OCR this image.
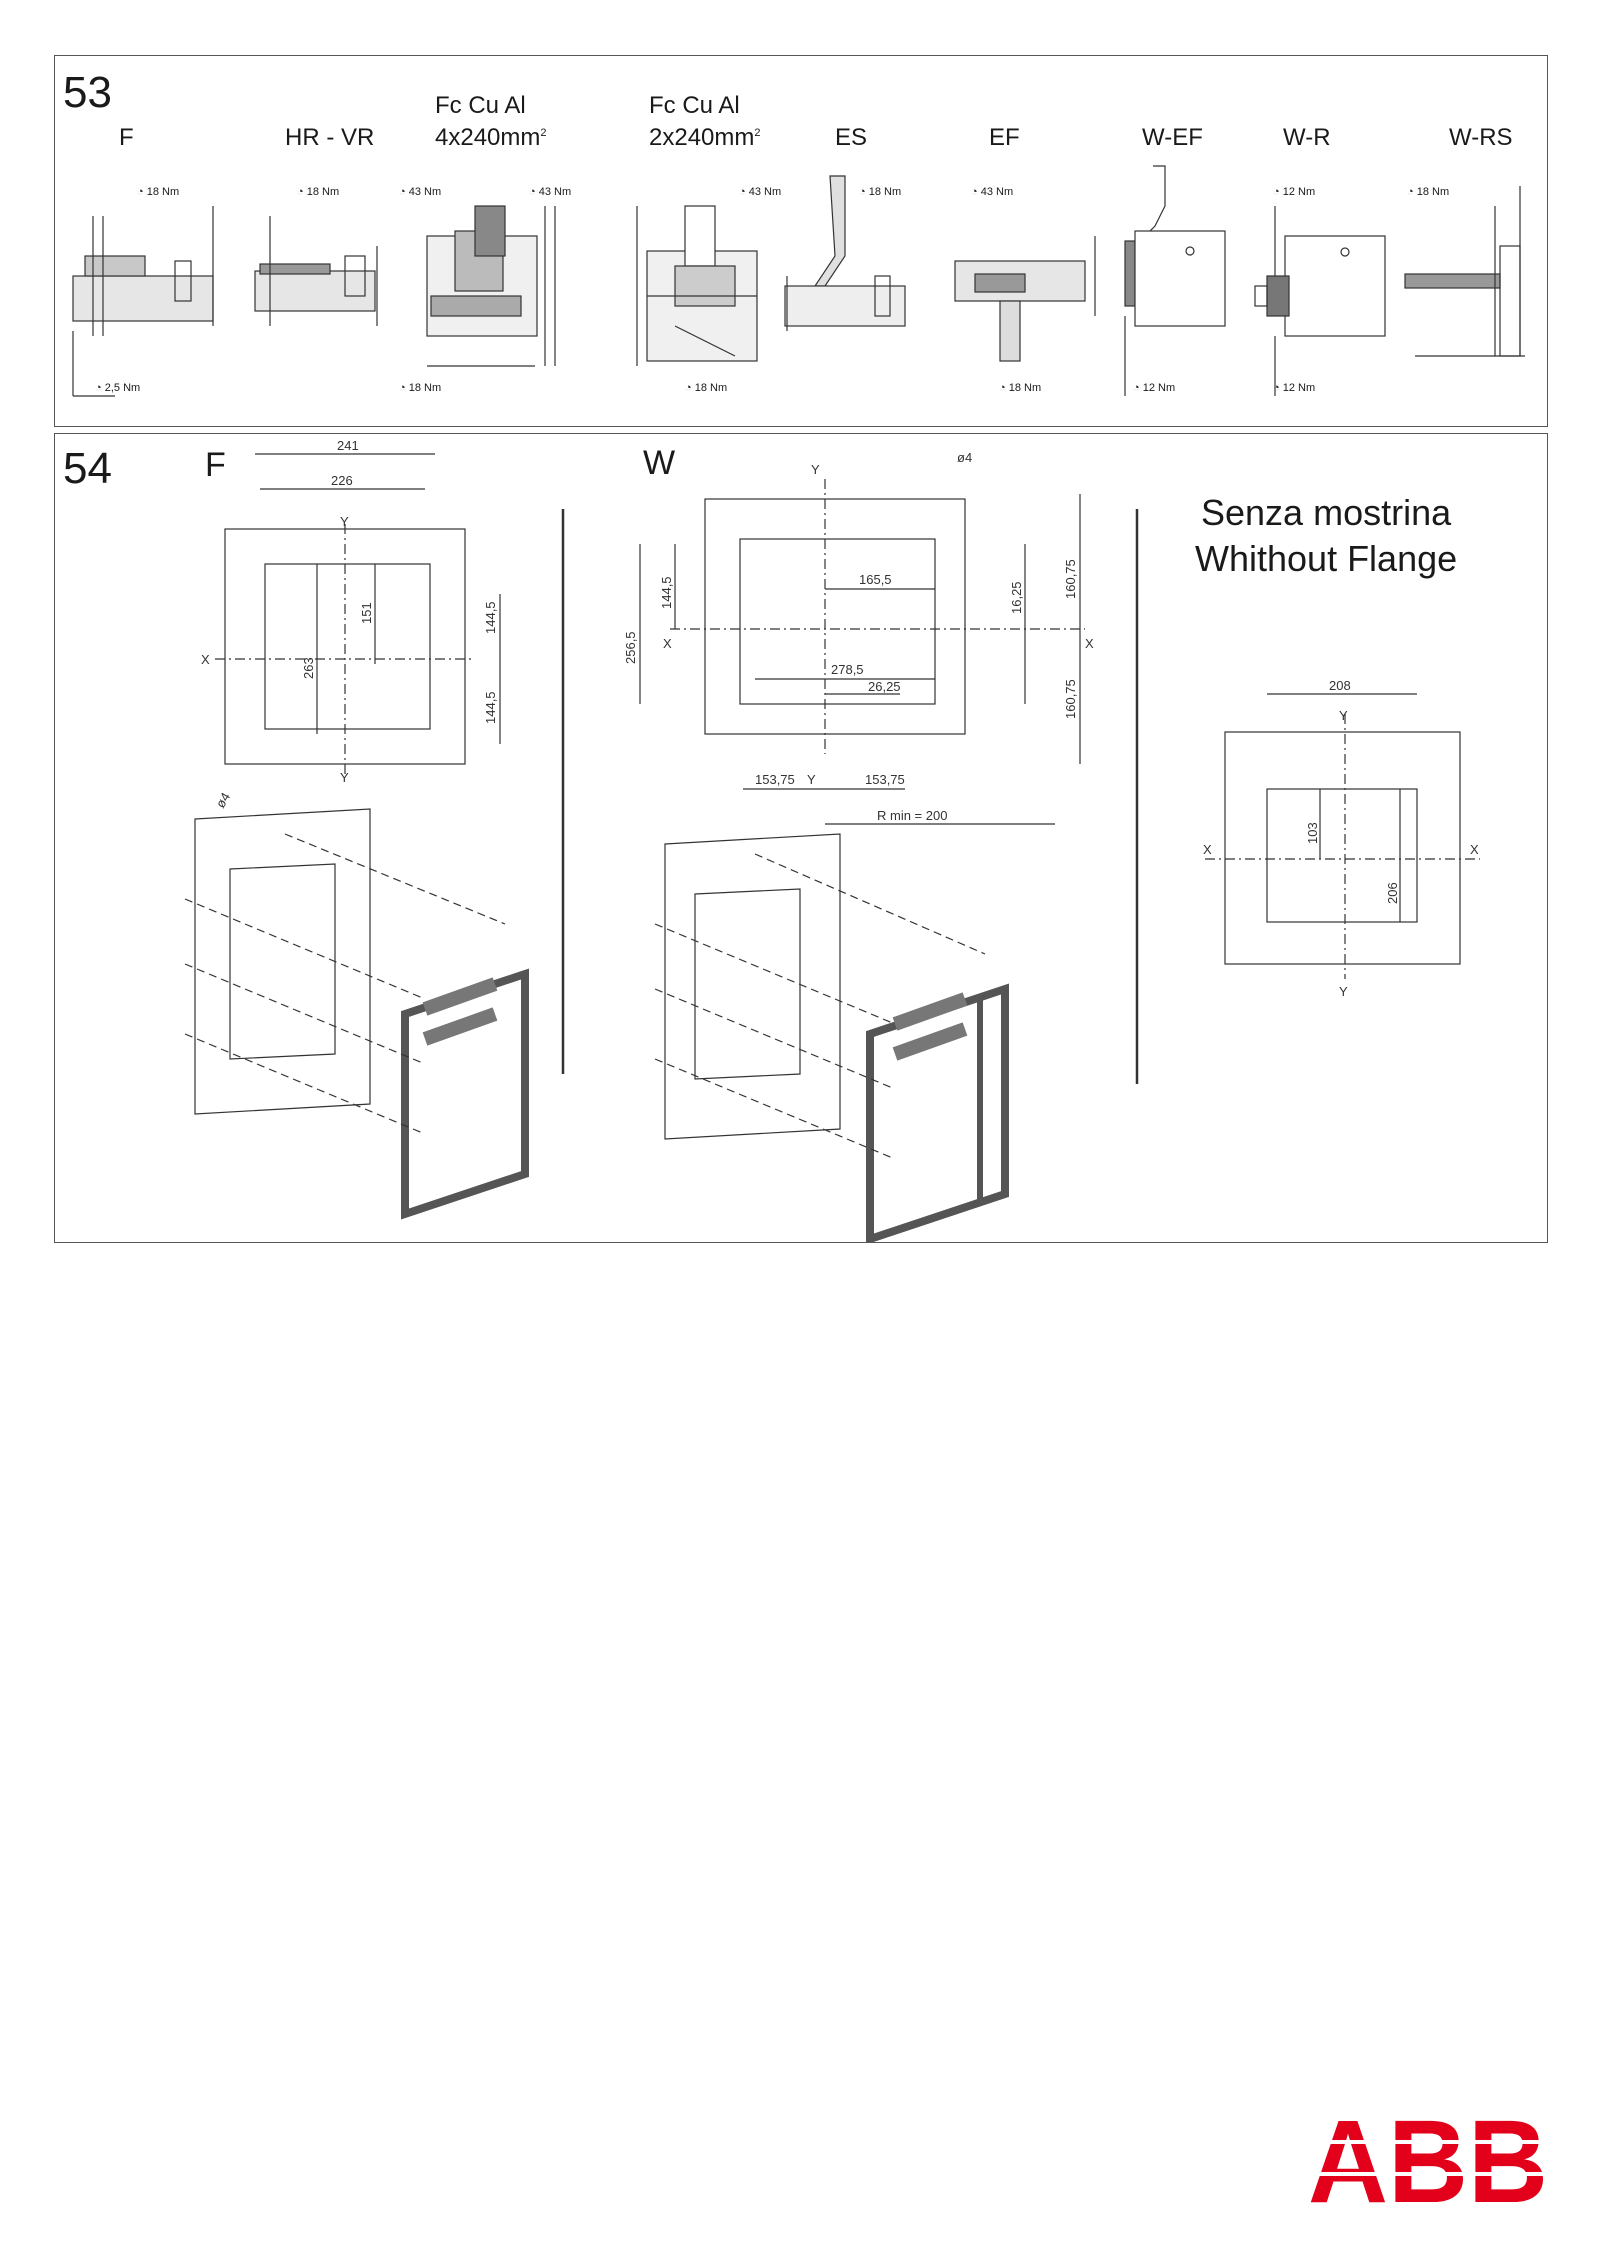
53
F	HR - VR
Fc Cu Al
$4x240mm^2$
Fc Cu Al
$2x240mm^2$	ES	EF	W-EF	W-R	W-RS
◔ 18 Nm
◔ 2,5 Nm
◔ 18 Nm	◔ 43 Nm	◔ 43 Nm
◔ 18 Nm
◔ 43 Nm
◔ 18 Nm
◔ 18 Nm	◔ 43 Nm
◔ 18 Nm	◔ 12 Nm
◔ 12 Nm
◔ 12 Nm
◔ 18 Nm
54	F	W
Senza mostrina
Whithout Flange
241
226
151
263
144,5
144,5
ø4
X
Y
Y
ø4
165,5
278,5
26,25
16,25	160,75
160,75
144,5
256,5
153,75	153,75
R min = 200
X	X
Y
Y
208
103
206
X	X
Y
Y
ABB
